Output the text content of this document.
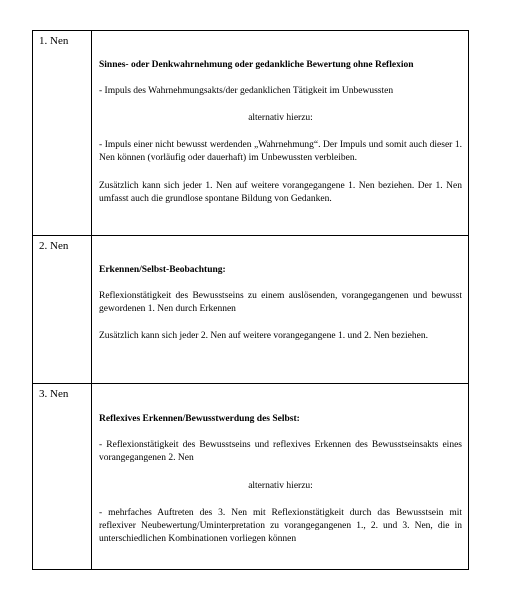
1. Nen

Sinnes- oder Denkwahrnehmung oder gedankliche Bewertung ohne Reflexion

- Impuls des Wahrnehmungsakts/der gedanklichen Tätigkeit im Unbewussten

alternativ hierzu:

- Impuls einer nicht bewusst werdenden „Wahrnehmung“. Der Impuls und somit auch dieser 1. Nen können (vorläufig oder dauerhaft) im Unbewussten verbleiben.

Zusätzlich kann sich jeder 1. Nen auf weitere vorangegangene 1. Nen beziehen. Der 1. Nen umfasst auch die grundlose spontane Bildung von Gedanken.

2. Nen

Erkennen/Selbst-Beobachtung:

Reflexionstätigkeit des Bewusstseins zu einem auslösenden, vorangegangenen und bewusst gewordenen 1. Nen durch Erkennen

Zusätzlich kann sich jeder 2. Nen auf weitere vorangegangene 1. und 2. Nen beziehen.

3. Nen

Reflexives Erkennen/Bewusstwerdung des Selbst:

- Reflexionstätigkeit des Bewusstseins und reflexives Erkennen des Bewusstseinsakts eines vorangegangenen 2. Nen

alternativ hierzu:

- mehrfaches Auftreten des 3. Nen mit Reflexionstätigkeit durch das Bewusstsein mit reflexiver Neubewertung/Uminterpretation zu vorangegangenen 1., 2. und 3. Nen, die in unterschiedlichen Kombinationen vorliegen können
